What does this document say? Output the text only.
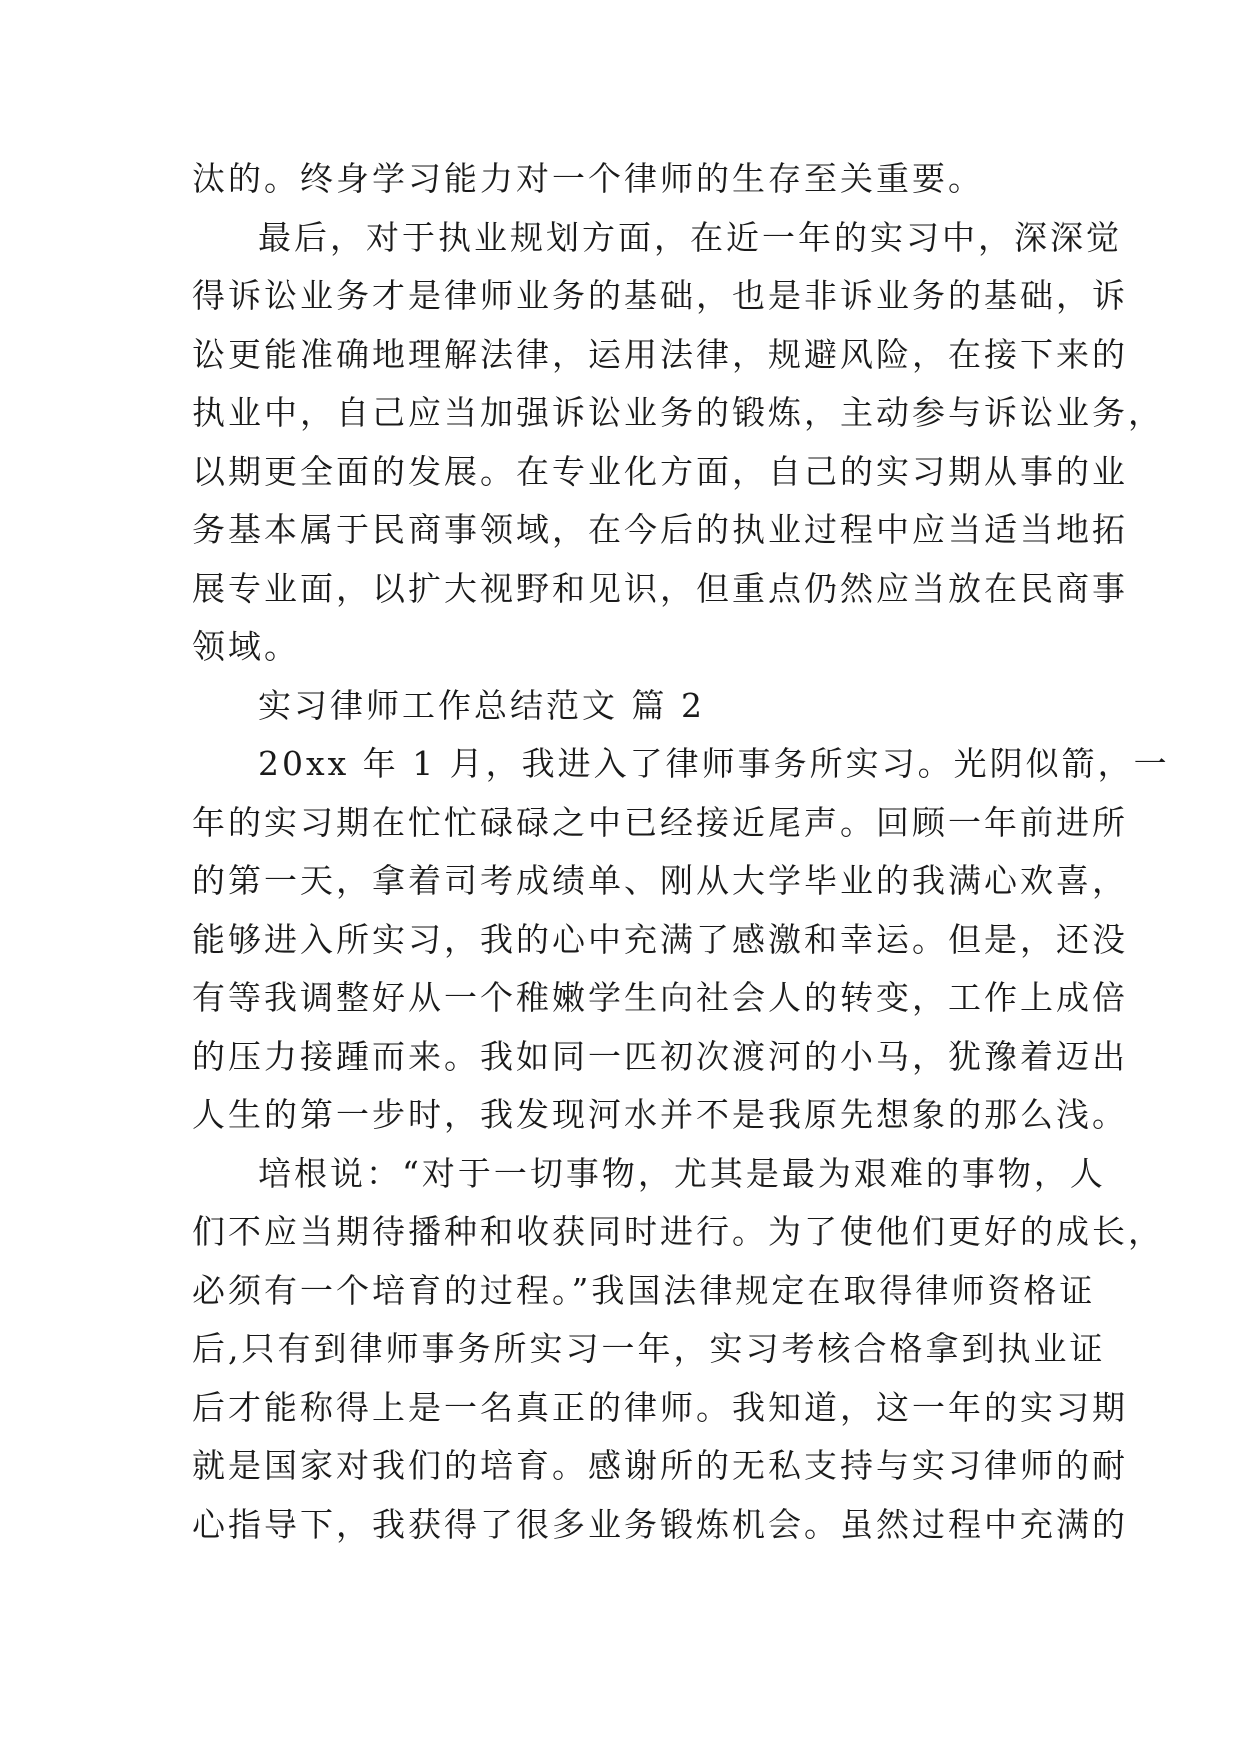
汰的。终身学习能力对一个律师的生存至关重要。
最后，对于执业规划方面，在近一年的实习中，深深觉
得诉讼业务才是律师业务的基础，也是非诉业务的基础，诉
讼更能准确地理解法律，运用法律，规避风险，在接下来的
执业中，自己应当加强诉讼业务的锻炼，主动参与诉讼业务，
以期更全面的发展。在专业化方面，自己的实习期从事的业
务基本属于民商事领域，在今后的执业过程中应当适当地拓
展专业面，以扩大视野和见识，但重点仍然应当放在民商事
领域。
实习律师工作总结范文 篇 2
20xx 年 1 月，我进入了律师事务所实习。光阴似箭，一
年的实习期在忙忙碌碌之中已经接近尾声。回顾一年前进所
的第一天，拿着司考成绩单、刚从大学毕业的我满心欢喜，
能够进入所实习，我的心中充满了感激和幸运。但是，还没
有等我调整好从一个稚嫩学生向社会人的转变，工作上成倍
的压力接踵而来。我如同一匹初次渡河的小马，犹豫着迈出
人生的第一步时，我发现河水并不是我原先想象的那么浅。
培根说：“对于一切事物，尤其是最为艰难的事物，人
们不应当期待播种和收获同时进行。为了使他们更好的成长，
必须有一个培育的过程。”我国法律规定在取得律师资格证
后,只有到律师事务所实习一年，实习考核合格拿到执业证
后才能称得上是一名真正的律师。我知道，这一年的实习期
就是国家对我们的培育。感谢所的无私支持与实习律师的耐
心指导下，我获得了很多业务锻炼机会。虽然过程中充满的
